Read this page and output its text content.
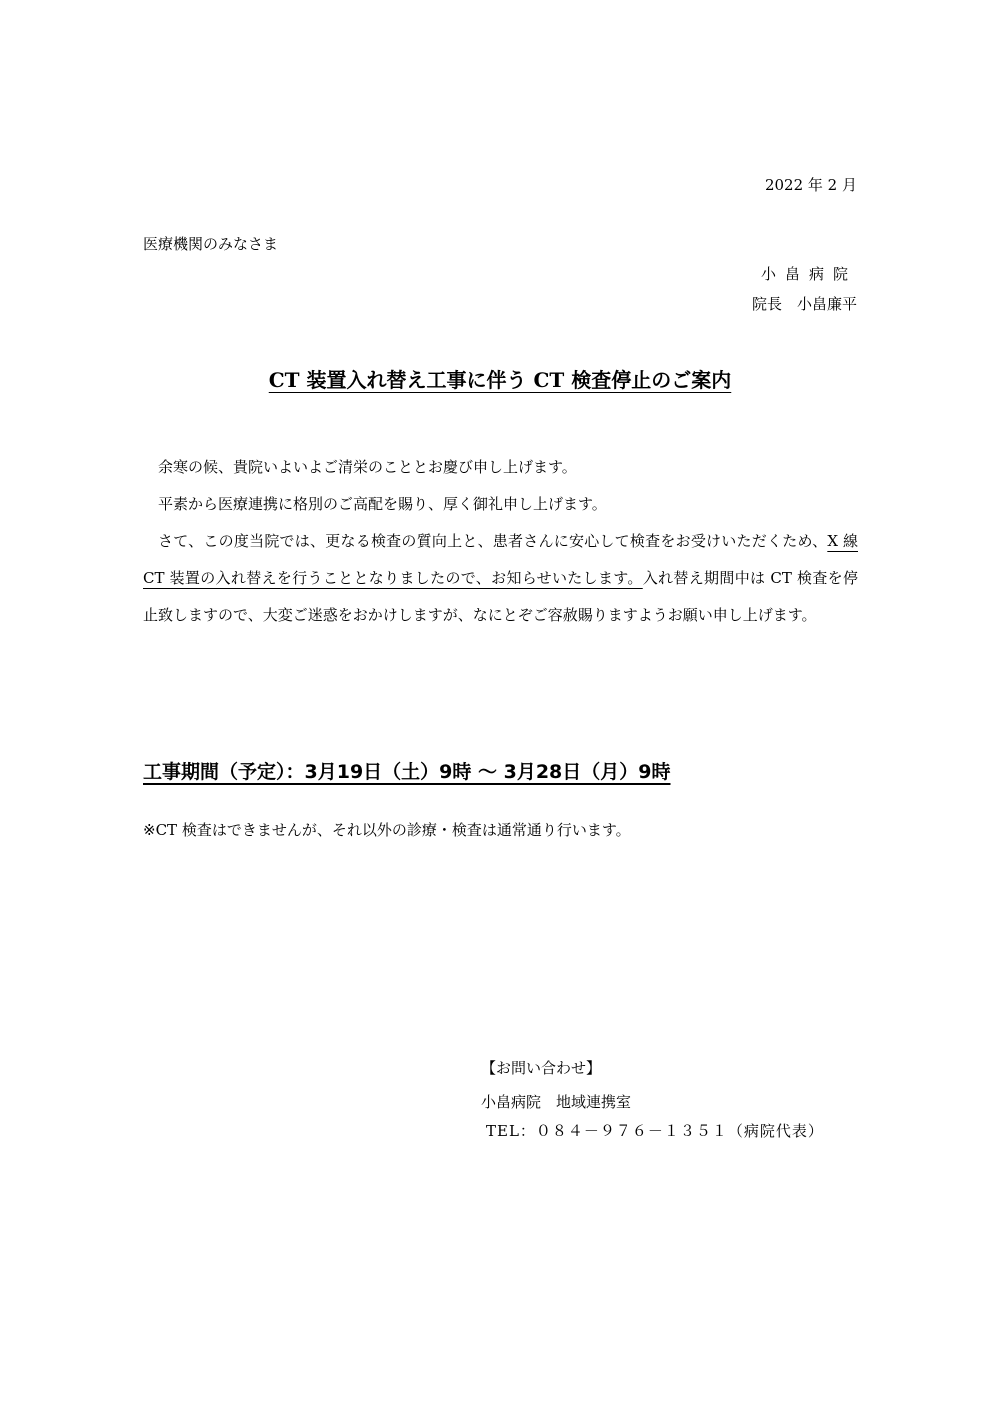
2022 年 2 月
医療機関のみなさま
小畠病院
院長　小畠廉平
CT 装置入れ替え工事に伴う CT 検査停止のご案内

余寒の候、貴院いよいよご清栄のこととお慶び申し上げます。

平素から医療連携に格別のご高配を賜り、厚く御礼申し上げます。

さて、この度当院では、更なる検査の質向上と、患者さんに安心して検査をお受けいただくため、X 線 CT 装置の入れ替えを行うこととなりましたので、お知らせいたします。入れ替え期間中は CT 検査を停止致しますので、大変ご迷惑をおかけしますが、なにとぞご容赦賜りますようお願い申し上げます。

工事期間（予定）：3月19日（土）9時 ～ 3月28日（月）9時
※CT 検査はできませんが、それ以外の診療・検査は通常通り行います。
【お問い合わせ】
小畠病院　地域連携室
TEL：０８４－９７６－１３５１（病院代表）
